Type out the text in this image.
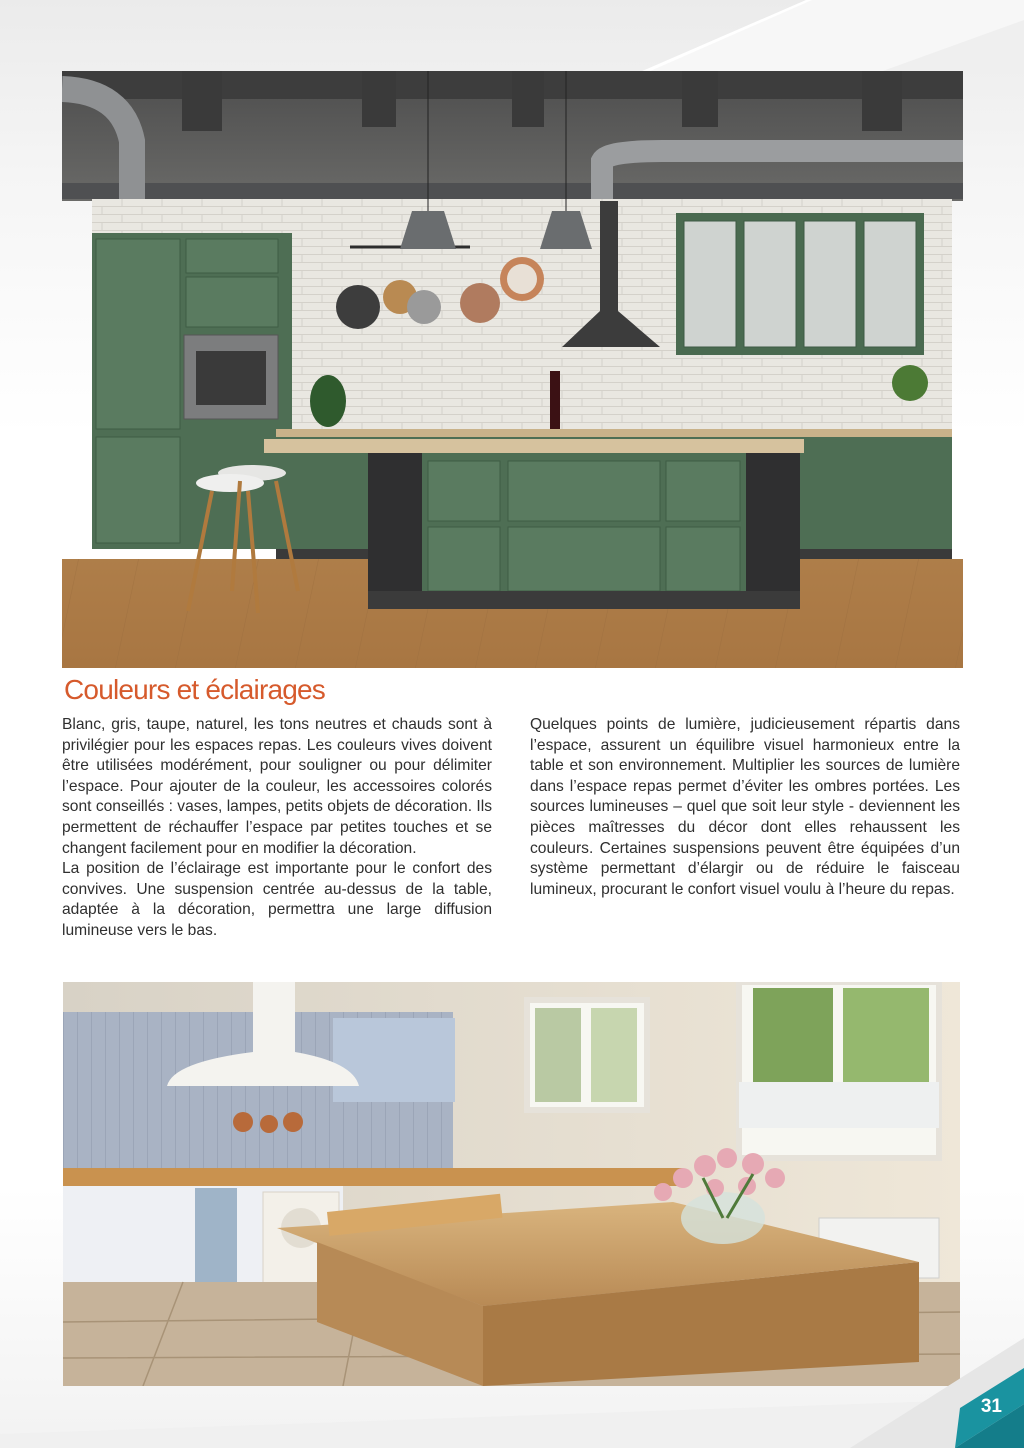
Couleurs et éclairages

Blanc, gris, taupe, naturel, les tons neutres et chauds sont à privilégier pour les espaces repas. Les couleurs vives doivent être utilisées modérément, pour souligner ou pour délimiter l’espace. Pour ajouter de la couleur, les accessoires colorés sont conseillés : vases, lampes, petits objets de décoration. Ils permettent de réchauffer l’espace par petites touches et se changent facilement pour en modifier la décoration.

La position de l’éclairage est importante pour le confort des convives. Une suspension centrée au-dessus de la table, adaptée à la décoration, permettra une large diffusion lumineuse vers le bas.

Quelques points de lumière, judicieusement répartis dans l’espace, assurent un équilibre visuel harmonieux entre la table et son environnement. Multiplier les sources de lumière dans l’espace repas permet d’éviter les ombres portées. Les sources lumineuses – quel que soit leur style - deviennent les pièces maîtresses du décor dont elles rehaussent les couleurs. Certaines suspensions peuvent être équipées d’un système permettant d’élargir ou de réduire le faisceau lumineux, procurant le confort visuel voulu à l’heure du repas.

31
